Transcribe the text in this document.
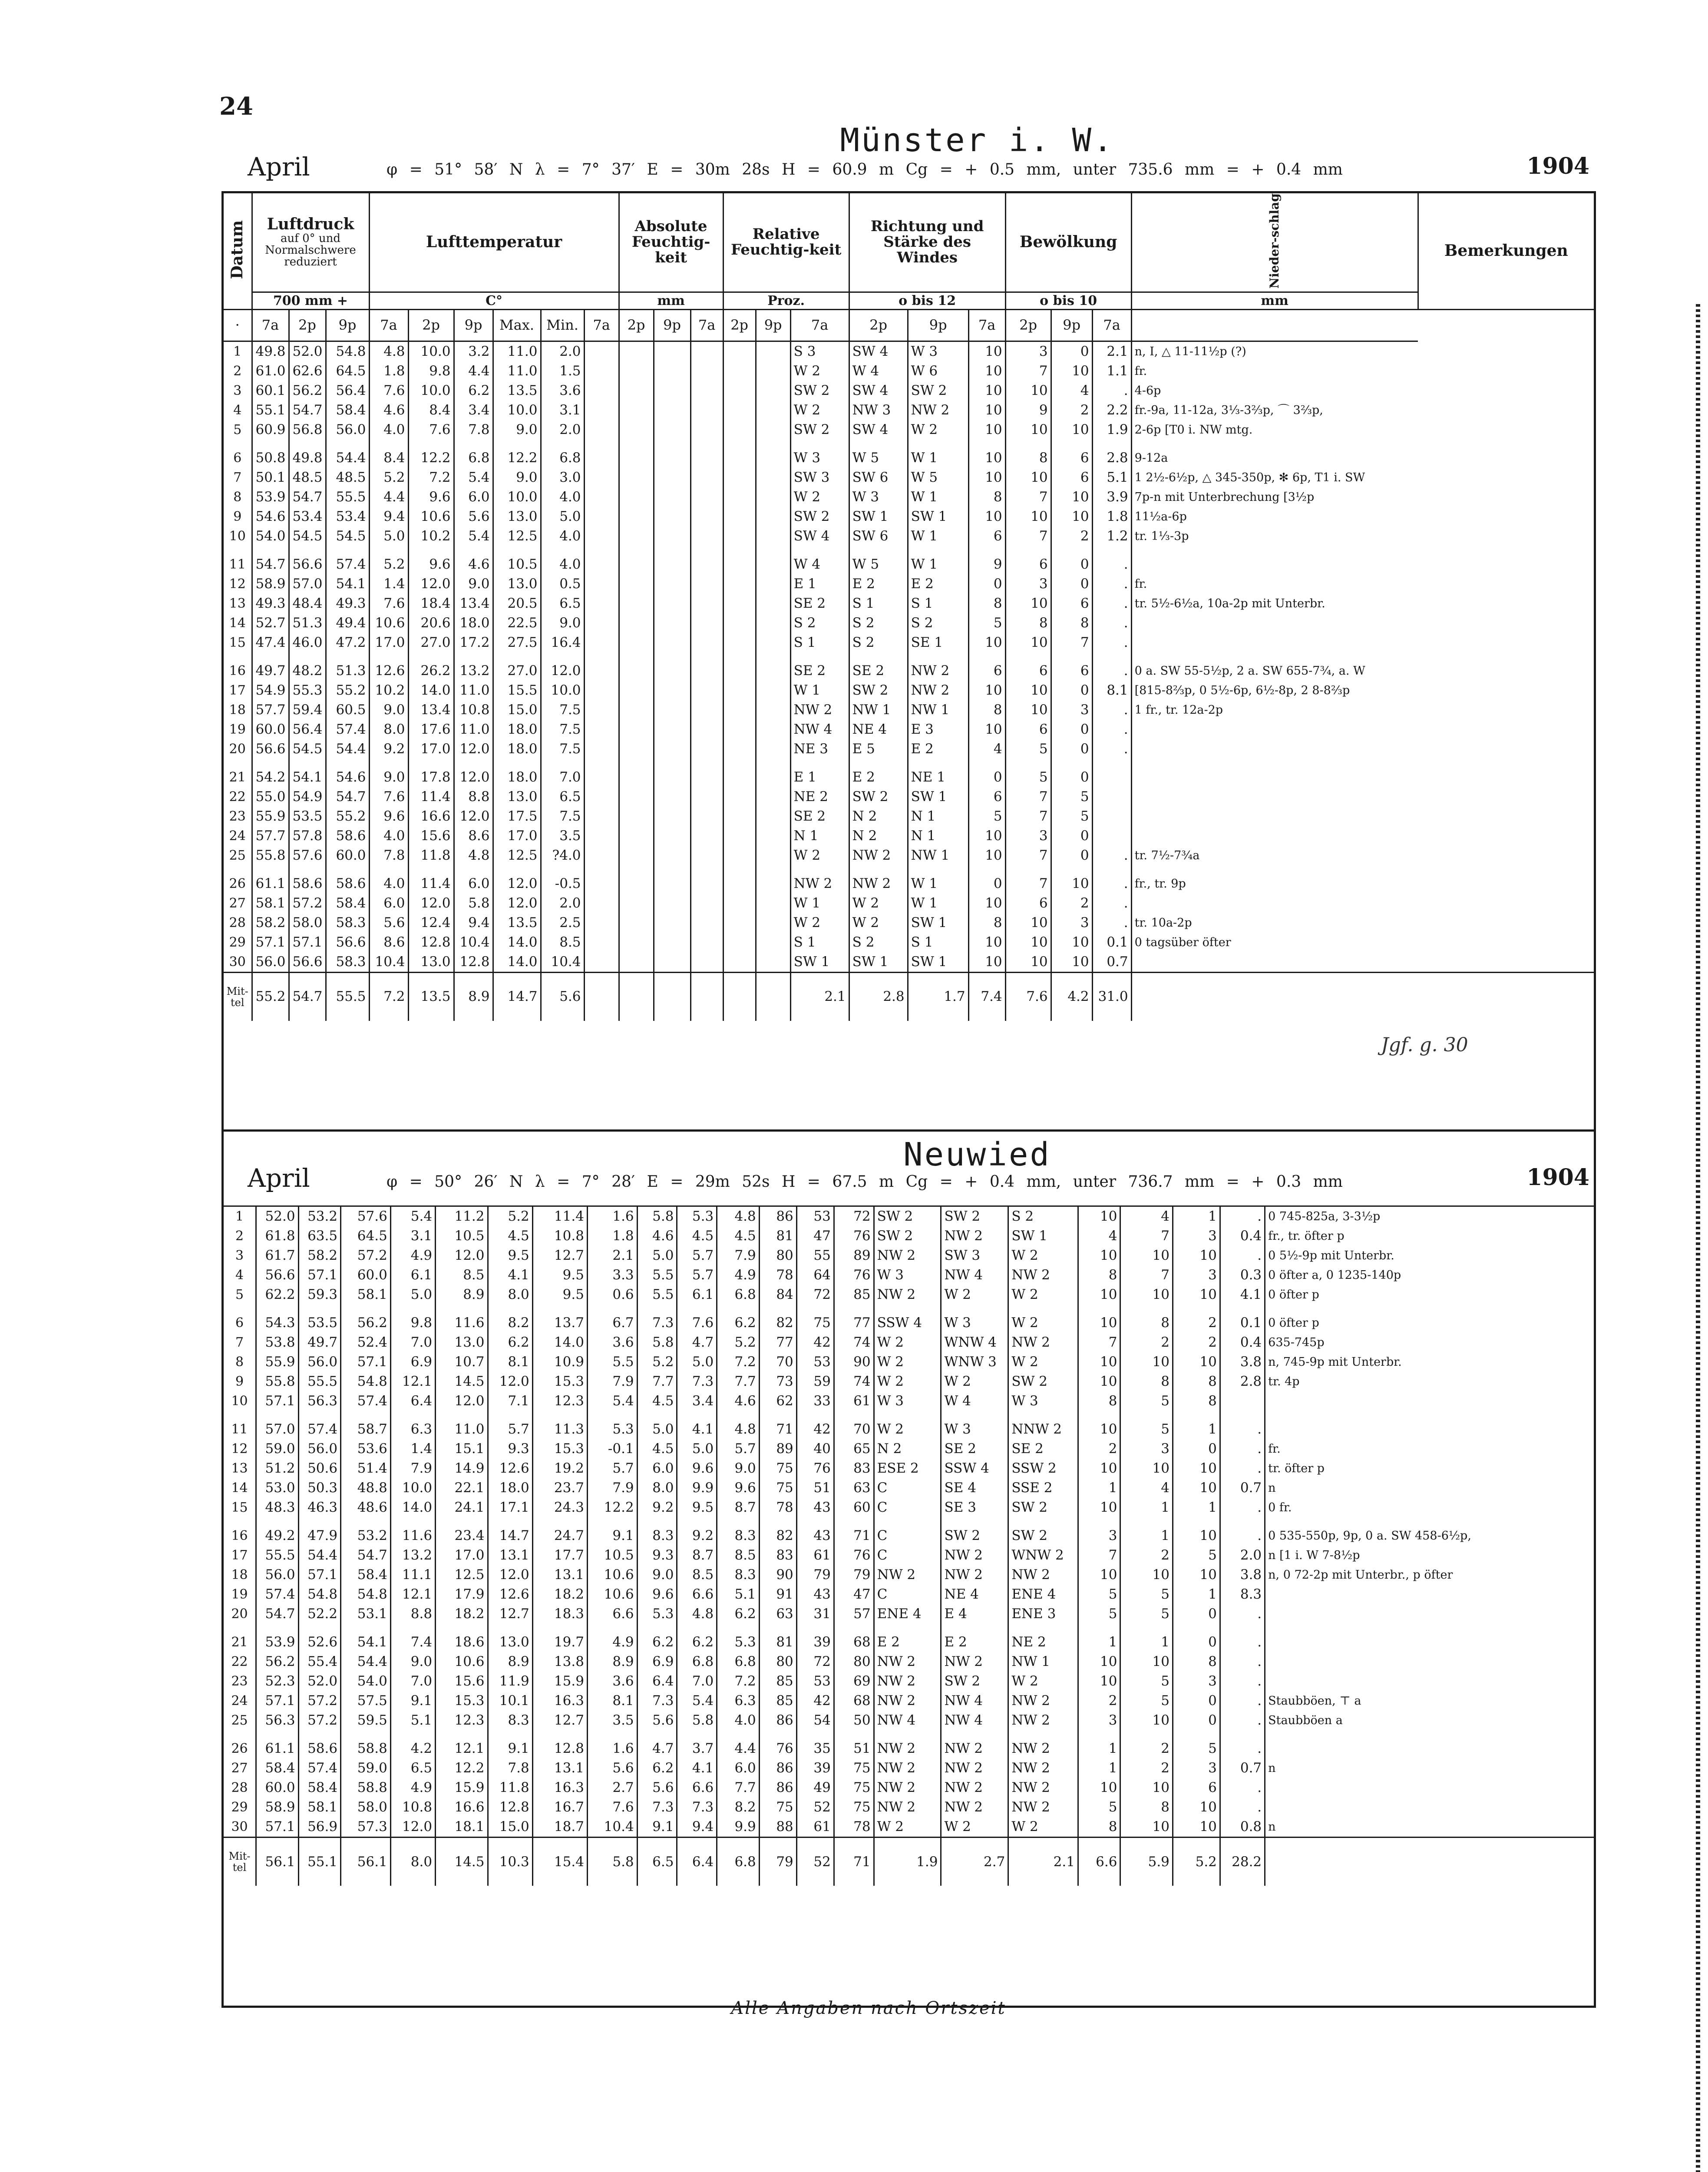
24
Münster i. W.
April	φ = 51° 58′ N λ = 7° 37′ E = 30m 28s H = 60.9 m Cg = + 0.5 mm, unter 735.6 mm = + 0.4 mm	1904
Datum	Luftdruck
auf 0° und Normalschwere reduziert			Lufttemperatur						Absolute Feuchtig-keit			Relative Feuchtig-keit			Richtung und Stärke des Windes			Bewölkung			Nieder-schlag	Bemerkungen
	700 mm +			C°						mm			Proz.			o bis 12			o bis 10			mm	
·	7a	2p	9p	7a	2p	9p	Max.	Min.	7a	2p	9p	7a	2p	9p	7a	2p	9p	7a	2p	9p	7a		
1	49.8	52.0	54.8	4.8	10.0	3.2	11.0	2.0							S 3	SW 4	W 3	10	3	0	2.1	n, I, △ 11-11½p (?)	
2	61.0	62.6	64.5	1.8	9.8	4.4	11.0	1.5							W 2	W 4	W 6	10	7	10	1.1	fr.	
3	60.1	56.2	56.4	7.6	10.0	6.2	13.5	3.6							SW 2	SW 4	SW 2	10	10	4	.	4-6p	
4	55.1	54.7	58.4	4.6	8.4	3.4	10.0	3.1							W 2	NW 3	NW 2	10	9	2	2.2	fr.-9a, 11-12a, 3⅓-3⅔p, ⌒ 3⅔p,	
5	60.9	56.8	56.0	4.0	7.6	7.8	9.0	2.0							SW 2	SW 4	W 2	10	10	10	1.9	2-6p [T0 i. NW mtg.	

6	50.8	49.8	54.4	8.4	12.2	6.8	12.2	6.8							W 3	W 5	W 1	10	8	6	2.8	9-12a	
7	50.1	48.5	48.5	5.2	7.2	5.4	9.0	3.0							SW 3	SW 6	W 5	10	10	6	5.1	1 2½-6½p, △ 345-350p, ✻ 6p, T1 i. SW	
8	53.9	54.7	55.5	4.4	9.6	6.0	10.0	4.0							W 2	W 3	W 1	8	7	10	3.9	7p-n mit Unterbrechung [3½p	
9	54.6	53.4	53.4	9.4	10.6	5.6	13.0	5.0							SW 2	SW 1	SW 1	10	10	10	1.8	11½a-6p	
10	54.0	54.5	54.5	5.0	10.2	5.4	12.5	4.0							SW 4	SW 6	W 1	6	7	2	1.2	tr. 1⅓-3p	

11	54.7	56.6	57.4	5.2	9.6	4.6	10.5	4.0							W 4	W 5	W 1	9	6	0	.		
12	58.9	57.0	54.1	1.4	12.0	9.0	13.0	0.5							E 1	E 2	E 2	0	3	0	.	fr.	
13	49.3	48.4	49.3	7.6	18.4	13.4	20.5	6.5							SE 2	S 1	S 1	8	10	6	.	tr. 5½-6½a, 10a-2p mit Unterbr.	
14	52.7	51.3	49.4	10.6	20.6	18.0	22.5	9.0							S 2	S 2	S 2	5	8	8	.		
15	47.4	46.0	47.2	17.0	27.0	17.2	27.5	16.4							S 1	S 2	SE 1	10	10	7	.		

16	49.7	48.2	51.3	12.6	26.2	13.2	27.0	12.0							SE 2	SE 2	NW 2	6	6	6	.	0 a. SW 55-5½p, 2 a. SW 655-7¾, a. W	
17	54.9	55.3	55.2	10.2	14.0	11.0	15.5	10.0							W 1	SW 2	NW 2	10	10	0	8.1	[815-8⅔p, 0 5½-6p, 6½-8p, 2 8-8⅔p	
18	57.7	59.4	60.5	9.0	13.4	10.8	15.0	7.5							NW 2	NW 1	NW 1	8	10	3	.	1 fr., tr. 12a-2p	
19	60.0	56.4	57.4	8.0	17.6	11.0	18.0	7.5							NW 4	NE 4	E 3	10	6	0	.		
20	56.6	54.5	54.4	9.2	17.0	12.0	18.0	7.5							NE 3	E 5	E 2	4	5	0	.		

21	54.2	54.1	54.6	9.0	17.8	12.0	18.0	7.0							E 1	E 2	NE 1	0	5	0			
22	55.0	54.9	54.7	7.6	11.4	8.8	13.0	6.5							NE 2	SW 2	SW 1	6	7	5			
23	55.9	53.5	55.2	9.6	16.6	12.0	17.5	7.5							SE 2	N 2	N 1	5	7	5			
24	57.7	57.8	58.6	4.0	15.6	8.6	17.0	3.5							N 1	N 2	N 1	10	3	0			
25	55.8	57.6	60.0	7.8	11.8	4.8	12.5	?4.0							W 2	NW 2	NW 1	10	7	0	.	tr. 7½-7¾a	

26	61.1	58.6	58.6	4.0	11.4	6.0	12.0	-0.5							NW 2	NW 2	W 1	0	7	10	.	fr., tr. 9p	
27	58.1	57.2	58.4	6.0	12.0	5.8	12.0	2.0							W 1	W 2	W 1	10	6	2	.		
28	58.2	58.0	58.3	5.6	12.4	9.4	13.5	2.5							W 2	W 2	SW 1	8	10	3	.	tr. 10a-2p	
29	57.1	57.1	56.6	8.6	12.8	10.4	14.0	8.5							S 1	S 2	S 1	10	10	10	0.1	0 tagsüber öfter	
30	56.0	56.6	58.3	10.4	13.0	12.8	14.0	10.4							SW 1	SW 1	SW 1	10	10	10	0.7		
Mit-tel	55.2	54.7	55.5	7.2	13.5	8.9	14.7	5.6							2.1	2.8	1.7	7.4	7.6	4.2	31.0		
Neuwied
April	φ = 50° 26′ N λ = 7° 28′ E = 29m 52s H = 67.5 m Cg = + 0.4 mm, unter 736.7 mm = + 0.3 mm	1904
1	52.0	53.2	57.6	5.4	11.2	5.2	11.4	1.6	5.8	5.3	4.8	86	53	72	SW 2	SW 2	S 2	10	4	1	.	0 745-825a, 3-3½p
2	61.8	63.5	64.5	3.1	10.5	4.5	10.8	1.8	4.6	4.5	4.5	81	47	76	SW 2	NW 2	SW 1	4	7	3	0.4	fr., tr. öfter p
3	61.7	58.2	57.2	4.9	12.0	9.5	12.7	2.1	5.0	5.7	7.9	80	55	89	NW 2	SW 3	W 2	10	10	10	.	0 5½-9p mit Unterbr.
4	56.6	57.1	60.0	6.1	8.5	4.1	9.5	3.3	5.5	5.7	4.9	78	64	76	W 3	NW 4	NW 2	8	7	3	0.3	0 öfter a, 0 1235-140p
5	62.2	59.3	58.1	5.0	8.9	8.0	9.5	0.6	5.5	6.1	6.8	84	72	85	NW 2	W 2	W 2	10	10	10	4.1	0 öfter p

6	54.3	53.5	56.2	9.8	11.6	8.2	13.7	6.7	7.3	7.6	6.2	82	75	77	SSW 4	W 3	W 2	10	8	2	0.1	0 öfter p
7	53.8	49.7	52.4	7.0	13.0	6.2	14.0	3.6	5.8	4.7	5.2	77	42	74	W 2	WNW 4	NW 2	7	2	2	0.4	635-745p
8	55.9	56.0	57.1	6.9	10.7	8.1	10.9	5.5	5.2	5.0	7.2	70	53	90	W 2	WNW 3	W 2	10	10	10	3.8	n, 745-9p mit Unterbr.
9	55.8	55.5	54.8	12.1	14.5	12.0	15.3	7.9	7.7	7.3	7.7	73	59	74	W 2	W 2	SW 2	10	8	8	2.8	tr. 4p
10	57.1	56.3	57.4	6.4	12.0	7.1	12.3	5.4	4.5	3.4	4.6	62	33	61	W 3	W 4	W 3	8	5	8		

11	57.0	57.4	58.7	6.3	11.0	5.7	11.3	5.3	5.0	4.1	4.8	71	42	70	W 2	W 3	NNW 2	10	5	1	.	
12	59.0	56.0	53.6	1.4	15.1	9.3	15.3	-0.1	4.5	5.0	5.7	89	40	65	N 2	SE 2	SE 2	2	3	0	.	fr.
13	51.2	50.6	51.4	7.9	14.9	12.6	19.2	5.7	6.0	9.6	9.0	75	76	83	ESE 2	SSW 4	SSW 2	10	10	10	.	tr. öfter p
14	53.0	50.3	48.8	10.0	22.1	18.0	23.7	7.9	8.0	9.9	9.6	75	51	63	C	SE 4	SSE 2	1	4	10	0.7	n
15	48.3	46.3	48.6	14.0	24.1	17.1	24.3	12.2	9.2	9.5	8.7	78	43	60	C	SE 3	SW 2	10	1	1	.	0 fr.

16	49.2	47.9	53.2	11.6	23.4	14.7	24.7	9.1	8.3	9.2	8.3	82	43	71	C	SW 2	SW 2	3	1	10	.	0 535-550p, 9p, 0 a. SW 458-6½p,
17	55.5	54.4	54.7	13.2	17.0	13.1	17.7	10.5	9.3	8.7	8.5	83	61	76	C	NW 2	WNW 2	7	2	5	2.0	n [1 i. W 7-8½p
18	56.0	57.1	58.4	11.1	12.5	12.0	13.1	10.6	9.0	8.5	8.3	90	79	79	NW 2	NW 2	NW 2	10	10	10	3.8	n, 0 72-2p mit Unterbr., p öfter
19	57.4	54.8	54.8	12.1	17.9	12.6	18.2	10.6	9.6	6.6	5.1	91	43	47	C	NE 4	ENE 4	5	5	1	8.3	
20	54.7	52.2	53.1	8.8	18.2	12.7	18.3	6.6	5.3	4.8	6.2	63	31	57	ENE 4	E 4	ENE 3	5	5	0	.	

21	53.9	52.6	54.1	7.4	18.6	13.0	19.7	4.9	6.2	6.2	5.3	81	39	68	E 2	E 2	NE 2	1	1	0	.	
22	56.2	55.4	54.4	9.0	10.6	8.9	13.8	8.9	6.9	6.8	6.8	80	72	80	NW 2	NW 2	NW 1	10	10	8	.	
23	52.3	52.0	54.0	7.0	15.6	11.9	15.9	3.6	6.4	7.0	7.2	85	53	69	NW 2	SW 2	W 2	10	5	3	.	
24	57.1	57.2	57.5	9.1	15.3	10.1	16.3	8.1	7.3	5.4	6.3	85	42	68	NW 2	NW 4	NW 2	2	5	0	.	Staubböen, ⊤ a
25	56.3	57.2	59.5	5.1	12.3	8.3	12.7	3.5	5.6	5.8	4.0	86	54	50	NW 4	NW 4	NW 2	3	10	0	.	Staubböen a

26	61.1	58.6	58.8	4.2	12.1	9.1	12.8	1.6	4.7	3.7	4.4	76	35	51	NW 2	NW 2	NW 2	1	2	5	.	
27	58.4	57.4	59.0	6.5	12.2	7.8	13.1	5.6	6.2	4.1	6.0	86	39	75	NW 2	NW 2	NW 2	1	2	3	0.7	n
28	60.0	58.4	58.8	4.9	15.9	11.8	16.3	2.7	5.6	6.6	7.7	86	49	75	NW 2	NW 2	NW 2	10	10	6	.	
29	58.9	58.1	58.0	10.8	16.6	12.8	16.7	7.6	7.3	7.3	8.2	75	52	75	NW 2	NW 2	NW 2	5	8	10	.	
30	57.1	56.9	57.3	12.0	18.1	15.0	18.7	10.4	9.1	9.4	9.9	88	61	78	W 2	W 2	W 2	8	10	10	0.8	n
Mit-tel	56.1	55.1	56.1	8.0	14.5	10.3	15.4	5.8	6.5	6.4	6.8	79	52	71	1.9	2.7	2.1	6.6	5.9	5.2	28.2	
Jgf. g. 30
Alle Angaben nach Ortszeit
